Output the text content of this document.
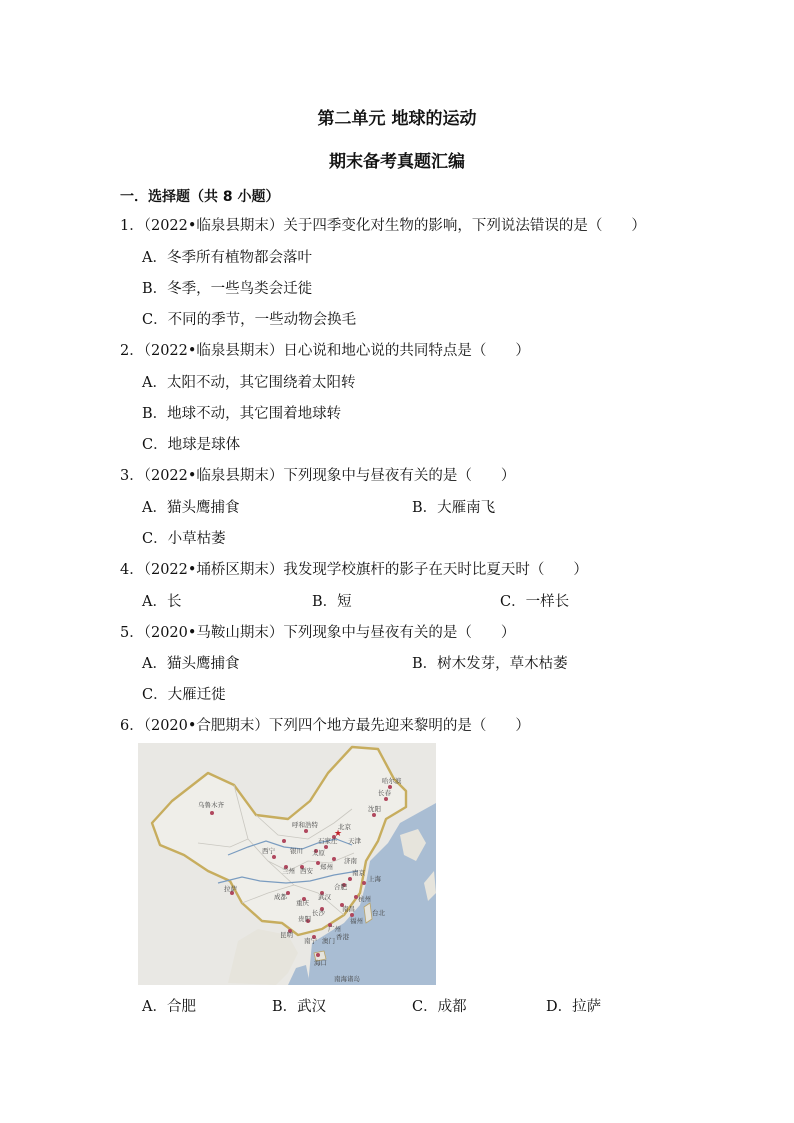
第二单元 地球的运动
期末备考真题汇编
一．选择题（共 8 小题）
1．（2022•临泉县期末）关于四季变化对生物的影响，下列说法错误的是（　　）
A．冬季所有植物都会落叶
B．冬季，一些鸟类会迁徙
C．不同的季节，一些动物会换毛
2．（2022•临泉县期末）日心说和地心说的共同特点是（　　）
A．太阳不动，其它围绕着太阳转
B．地球不动，其它围着地球转
C．地球是球体
3．（2022•临泉县期末）下列现象中与昼夜有关的是（　　）
A．猫头鹰捕食	B．大雁南飞
C．小草枯萎
4．（2022•埇桥区期末）我发现学校旗杆的影子在天时比夏天时（　　）
A．长	B．短	C．一样长
5．（2020•马鞍山期末）下列现象中与昼夜有关的是（　　）
A．猫头鹰捕食	B．树木发芽，草木枯萎
C．大雁迁徙
6．（2020•合肥期末）下列四个地方最先迎来黎明的是（　　）
★
乌鲁木齐
哈尔滨
长春
沈阳
呼和浩特	北京
天津
石家庄
太原
银川
西宁
兰州
济南
郑州
西安	南京
上海
合肥
成都
重庆
武汉	杭州
拉萨
长沙	南昌
福州
台北
贵阳
昆明
广州
南宁
海口
香港
澳门
南海诸岛
A．合肥	B．武汉	C．成都	D．拉萨
